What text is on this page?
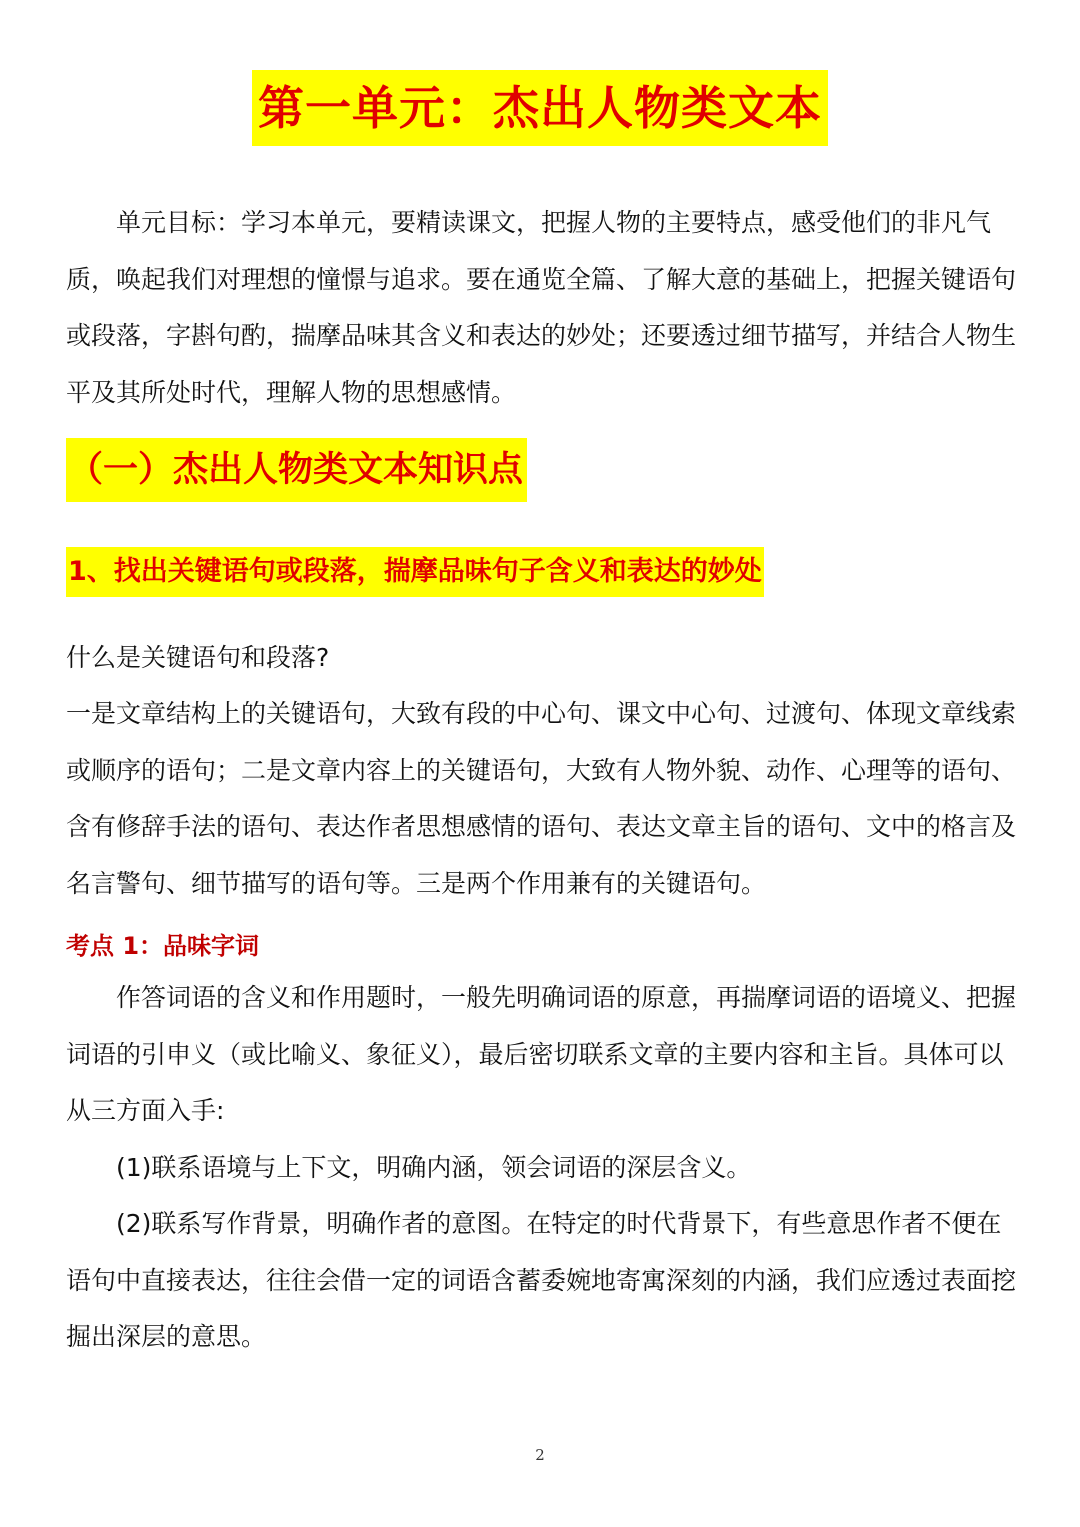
第一单元：杰出人物类文本

单元目标：学习本单元，要精读课文，把握人物的主要特点，感受他们的非凡气质，唤起我们对理想的憧憬与追求。要在通览全篇、了解大意的基础上，把握关键语句或段落，字斟句酌，揣摩品味其含义和表达的妙处；还要透过细节描写，并结合人物生平及其所处时代，理解人物的思想感情。

（一）杰出人物类文本知识点
1、找出关键语句或段落，揣摩品味句子含义和表达的妙处

什么是关键语句和段落?

一是文章结构上的关键语句，大致有段的中心句、课文中心句、过渡句、体现文章线索或顺序的语句；二是文章内容上的关键语句，大致有人物外貌、动作、心理等的语句、含有修辞手法的语句、表达作者思想感情的语句、表达文章主旨的语句、文中的格言及名言警句、细节描写的语句等。三是两个作用兼有的关键语句。

考点 1：品味字词

作答词语的含义和作用题时，一般先明确词语的原意，再揣摩词语的语境义、把握词语的引申义（或比喻义、象征义），最后密切联系文章的主要内容和主旨。具体可以从三方面入手:

(1)联系语境与上下文，明确内涵，领会词语的深层含义。

(2)联系写作背景，明确作者的意图。在特定的时代背景下，有些意思作者不便在语句中直接表达，往往会借一定的词语含蓄委婉地寄寓深刻的内涵，我们应透过表面挖掘出深层的意思。

2
